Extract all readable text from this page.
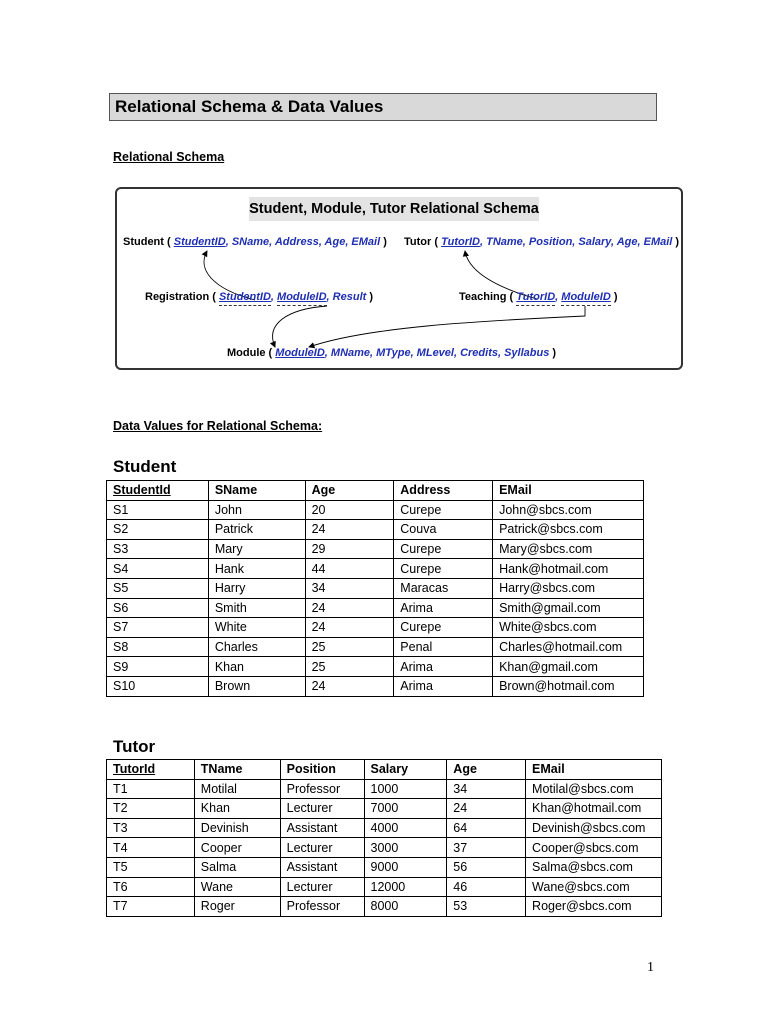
Relational Schema & Data Values
Relational Schema
Student, Module, Tutor Relational Schema
Student ( StudentID, SName, Address, Age, EMail ) Tutor ( TutorID, TName, Position, Salary, Age, EMail )
Registration ( StudentID, ModuleID, Result )	Teaching ( TutorID, ModuleID )
Module ( ModuleID, MName, MType, MLevel, Credits, Syllabus )
Data Values for Relational Schema:
Student
StudentId	SName	Age	Address	EMail
S1	John	20	Curepe	John@sbcs.com
S2	Patrick	24	Couva	Patrick@sbcs.com
S3	Mary	29	Curepe	Mary@sbcs.com
S4	Hank	44	Curepe	Hank@hotmail.com
S5	Harry	34	Maracas	Harry@sbcs.com
S6	Smith	24	Arima	Smith@gmail.com
S7	White	24	Curepe	White@sbcs.com
S8	Charles	25	Penal	Charles@hotmail.com
S9	Khan	25	Arima	Khan@gmail.com
S10	Brown	24	Arima	Brown@hotmail.com
Tutor
TutorId	TName	Position	Salary	Age	EMail
T1	Motilal	Professor	1000	34	Motilal@sbcs.com
T2	Khan	Lecturer	7000	24	Khan@hotmail.com
T3	Devinish	Assistant	4000	64	Devinish@sbcs.com
T4	Cooper	Lecturer	3000	37	Cooper@sbcs.com
T5	Salma	Assistant	9000	56	Salma@sbcs.com
T6	Wane	Lecturer	12000	46	Wane@sbcs.com
T7	Roger	Professor	8000	53	Roger@sbcs.com
1
